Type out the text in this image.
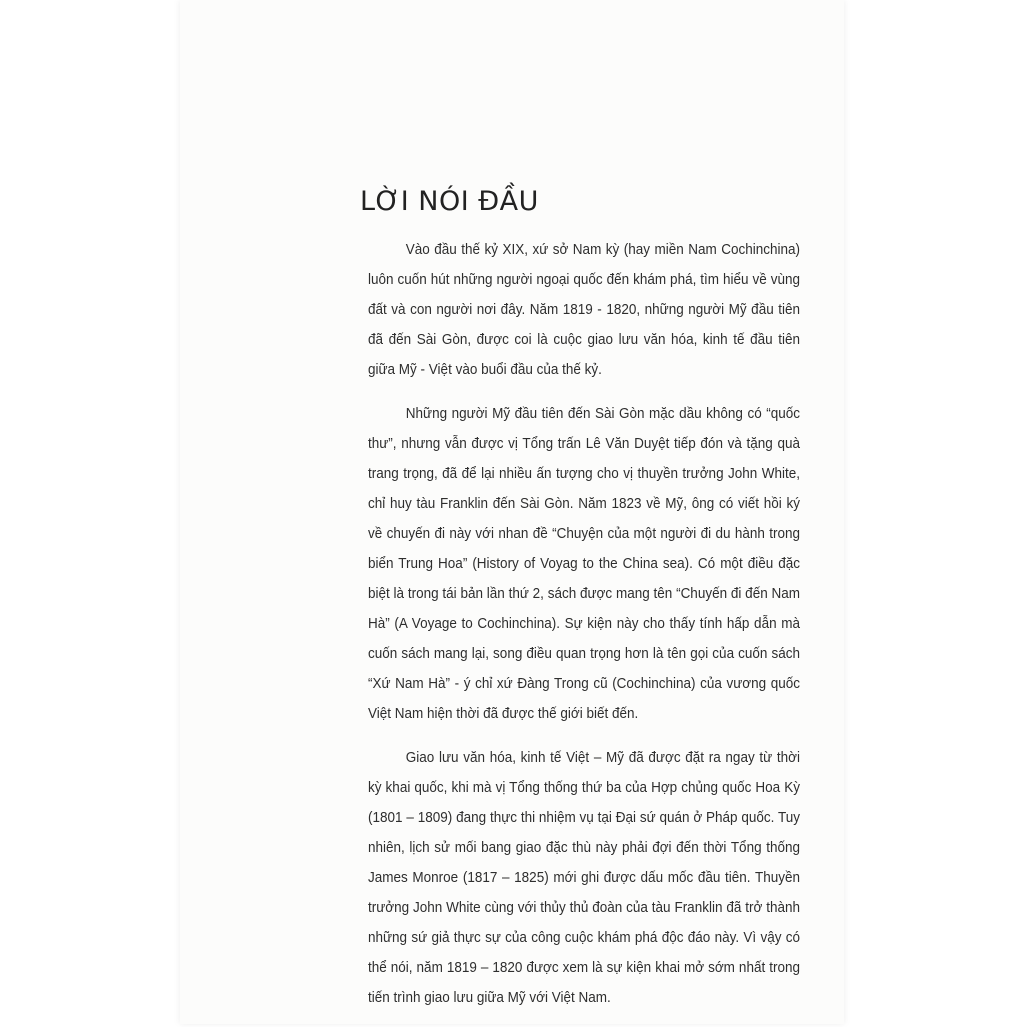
LỜI NÓI ĐẦU

Vào đầu thế kỷ XIX, xứ sở Nam kỳ (hay miền Nam Cochinchina) luôn cuốn hút những người ngoại quốc đến khám phá, tìm hiểu về vùng đất và con người nơi đây. Năm 1819 - 1820, những người Mỹ đầu tiên đã đến Sài Gòn, được coi là cuộc giao lưu văn hóa, kinh tế đầu tiên giữa Mỹ - Việt vào buổi đầu của thế kỷ.

Những người Mỹ đầu tiên đến Sài Gòn mặc dầu không có “quốc thư”, nhưng vẫn được vị Tổng trấn Lê Văn Duyệt tiếp đón và tặng quà trang trọng, đã để lại nhiều ấn tượng cho vị thuyền trưởng John White, chỉ huy tàu Franklin đến Sài Gòn. Năm 1823 về Mỹ, ông có viết hồi ký về chuyến đi này với nhan đề “Chuyện của một người đi du hành trong biển Trung Hoa” (History of Voyag to the China sea). Có một điều đặc biệt là trong tái bản lần thứ 2, sách được mang tên “Chuyến đi đến Nam Hà” (A Voyage to Cochinchina). Sự kiện này cho thấy tính hấp dẫn mà cuốn sách mang lại, song điều quan trọng hơn là tên gọi của cuốn sách “Xứ Nam Hà” - ý chỉ xứ Đàng Trong cũ (Cochinchina) của vương quốc Việt Nam hiện thời đã được thế giới biết đến.

Giao lưu văn hóa, kinh tế Việt – Mỹ đã được đặt ra ngay từ thời kỳ khai quốc, khi mà vị Tổng thống thứ ba của Hợp chủng quốc Hoa Kỳ (1801 – 1809) đang thực thi nhiệm vụ tại Đại sứ quán ở Pháp quốc. Tuy nhiên, lịch sử mối bang giao đặc thù này phải đợi đến thời Tổng thống James Monroe (1817 – 1825) mới ghi được dấu mốc đầu tiên. Thuyền trưởng John White cùng với thủy thủ đoàn của tàu Franklin đã trở thành những sứ giả thực sự của công cuộc khám phá độc đáo này. Vì vậy có thể nói, năm 1819 – 1820 được xem là sự kiện khai mở sớm nhất trong tiến trình giao lưu giữa Mỹ với Việt Nam.
